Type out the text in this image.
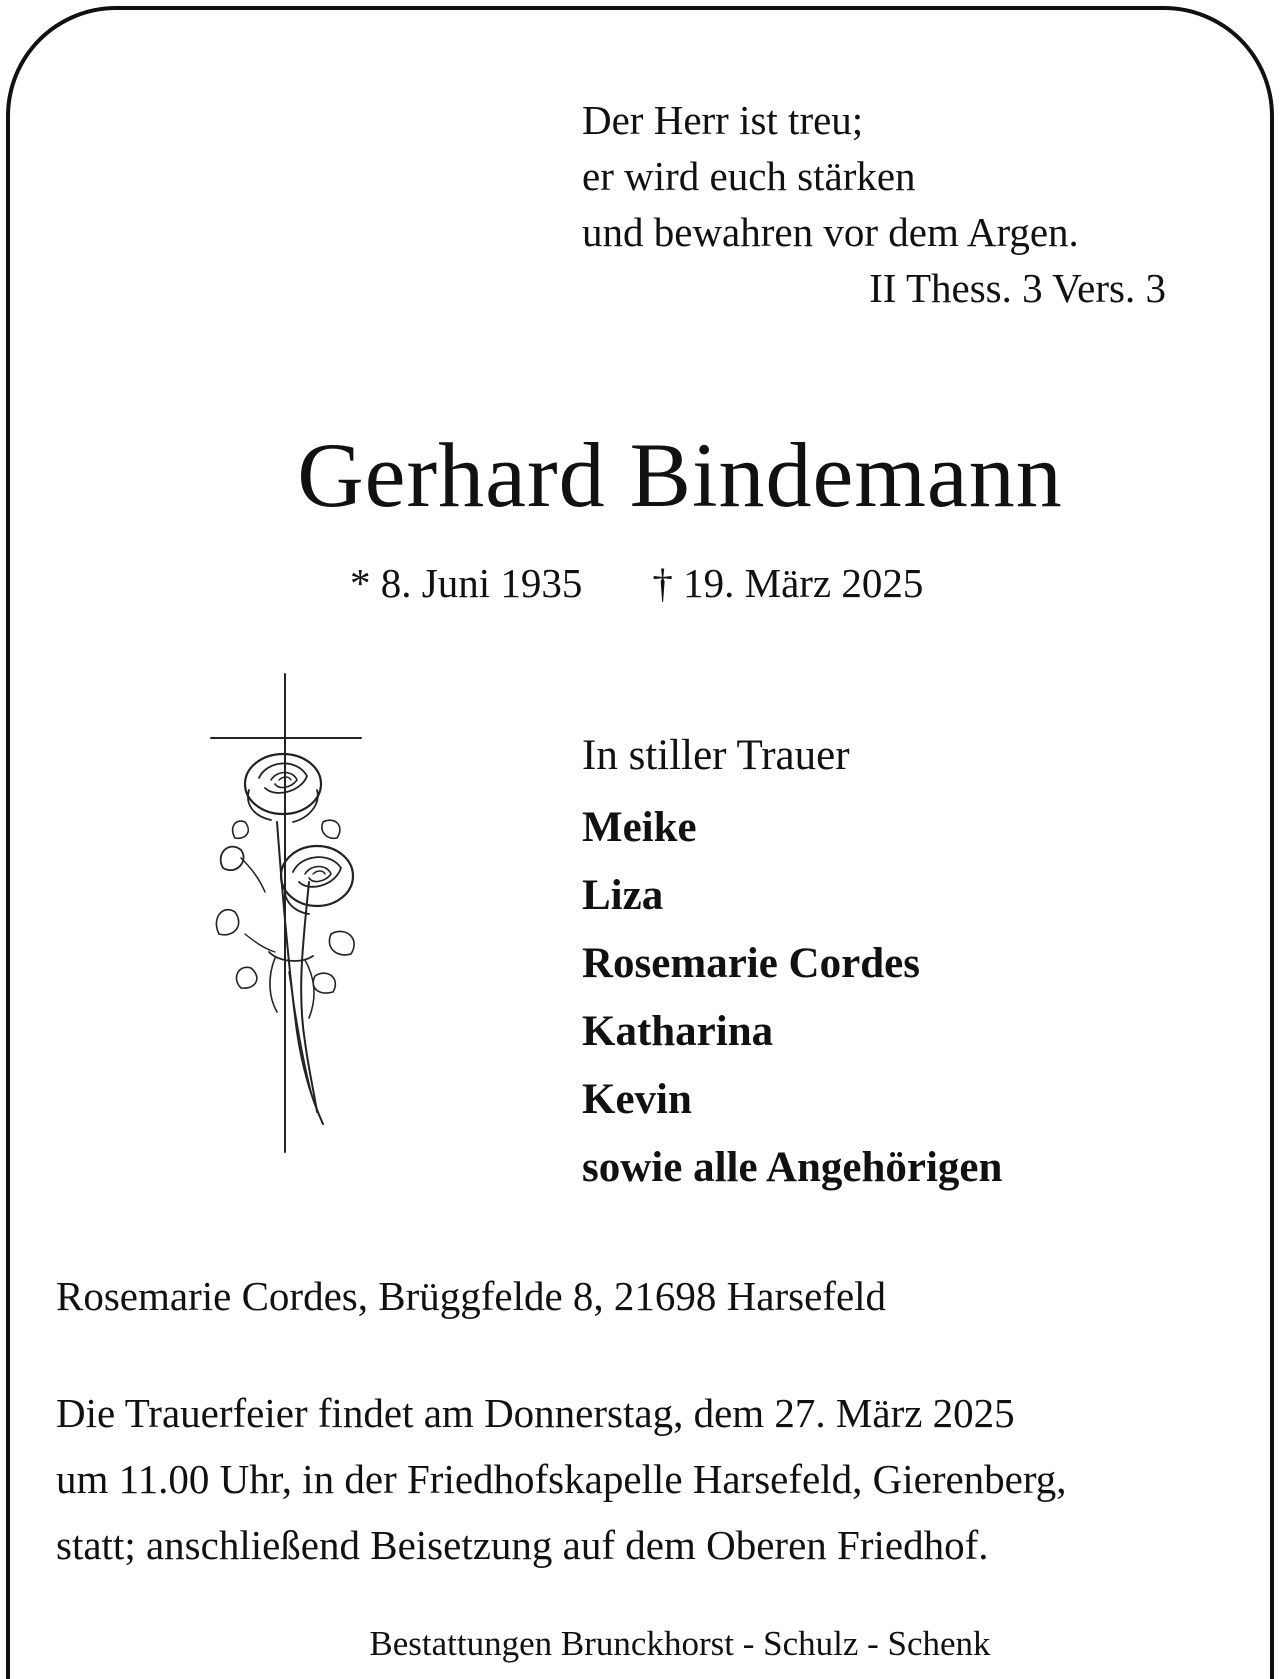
Der Herr ist treu;
er wird euch stärken
und bewahren vor dem Argen.
II Thess. 3 Vers. 3
Gerhard Bindemann
* 8. Juni 1935 † 19. März 2025
In stiller Trauer
Meike
Liza
Rosemarie Cordes
Katharina
Kevin
sowie alle Angehörigen
Rosemarie Cordes, Brüggfelde 8, 21698 Harsefeld
Die Trauerfeier findet am Donnerstag, dem 27. März 2025
um 11.00 Uhr, in der Friedhofskapelle Harsefeld, Gierenberg,
statt; anschließend Beisetzung auf dem Oberen Friedhof.
Bestattungen Brunckhorst - Schulz - Schenk
